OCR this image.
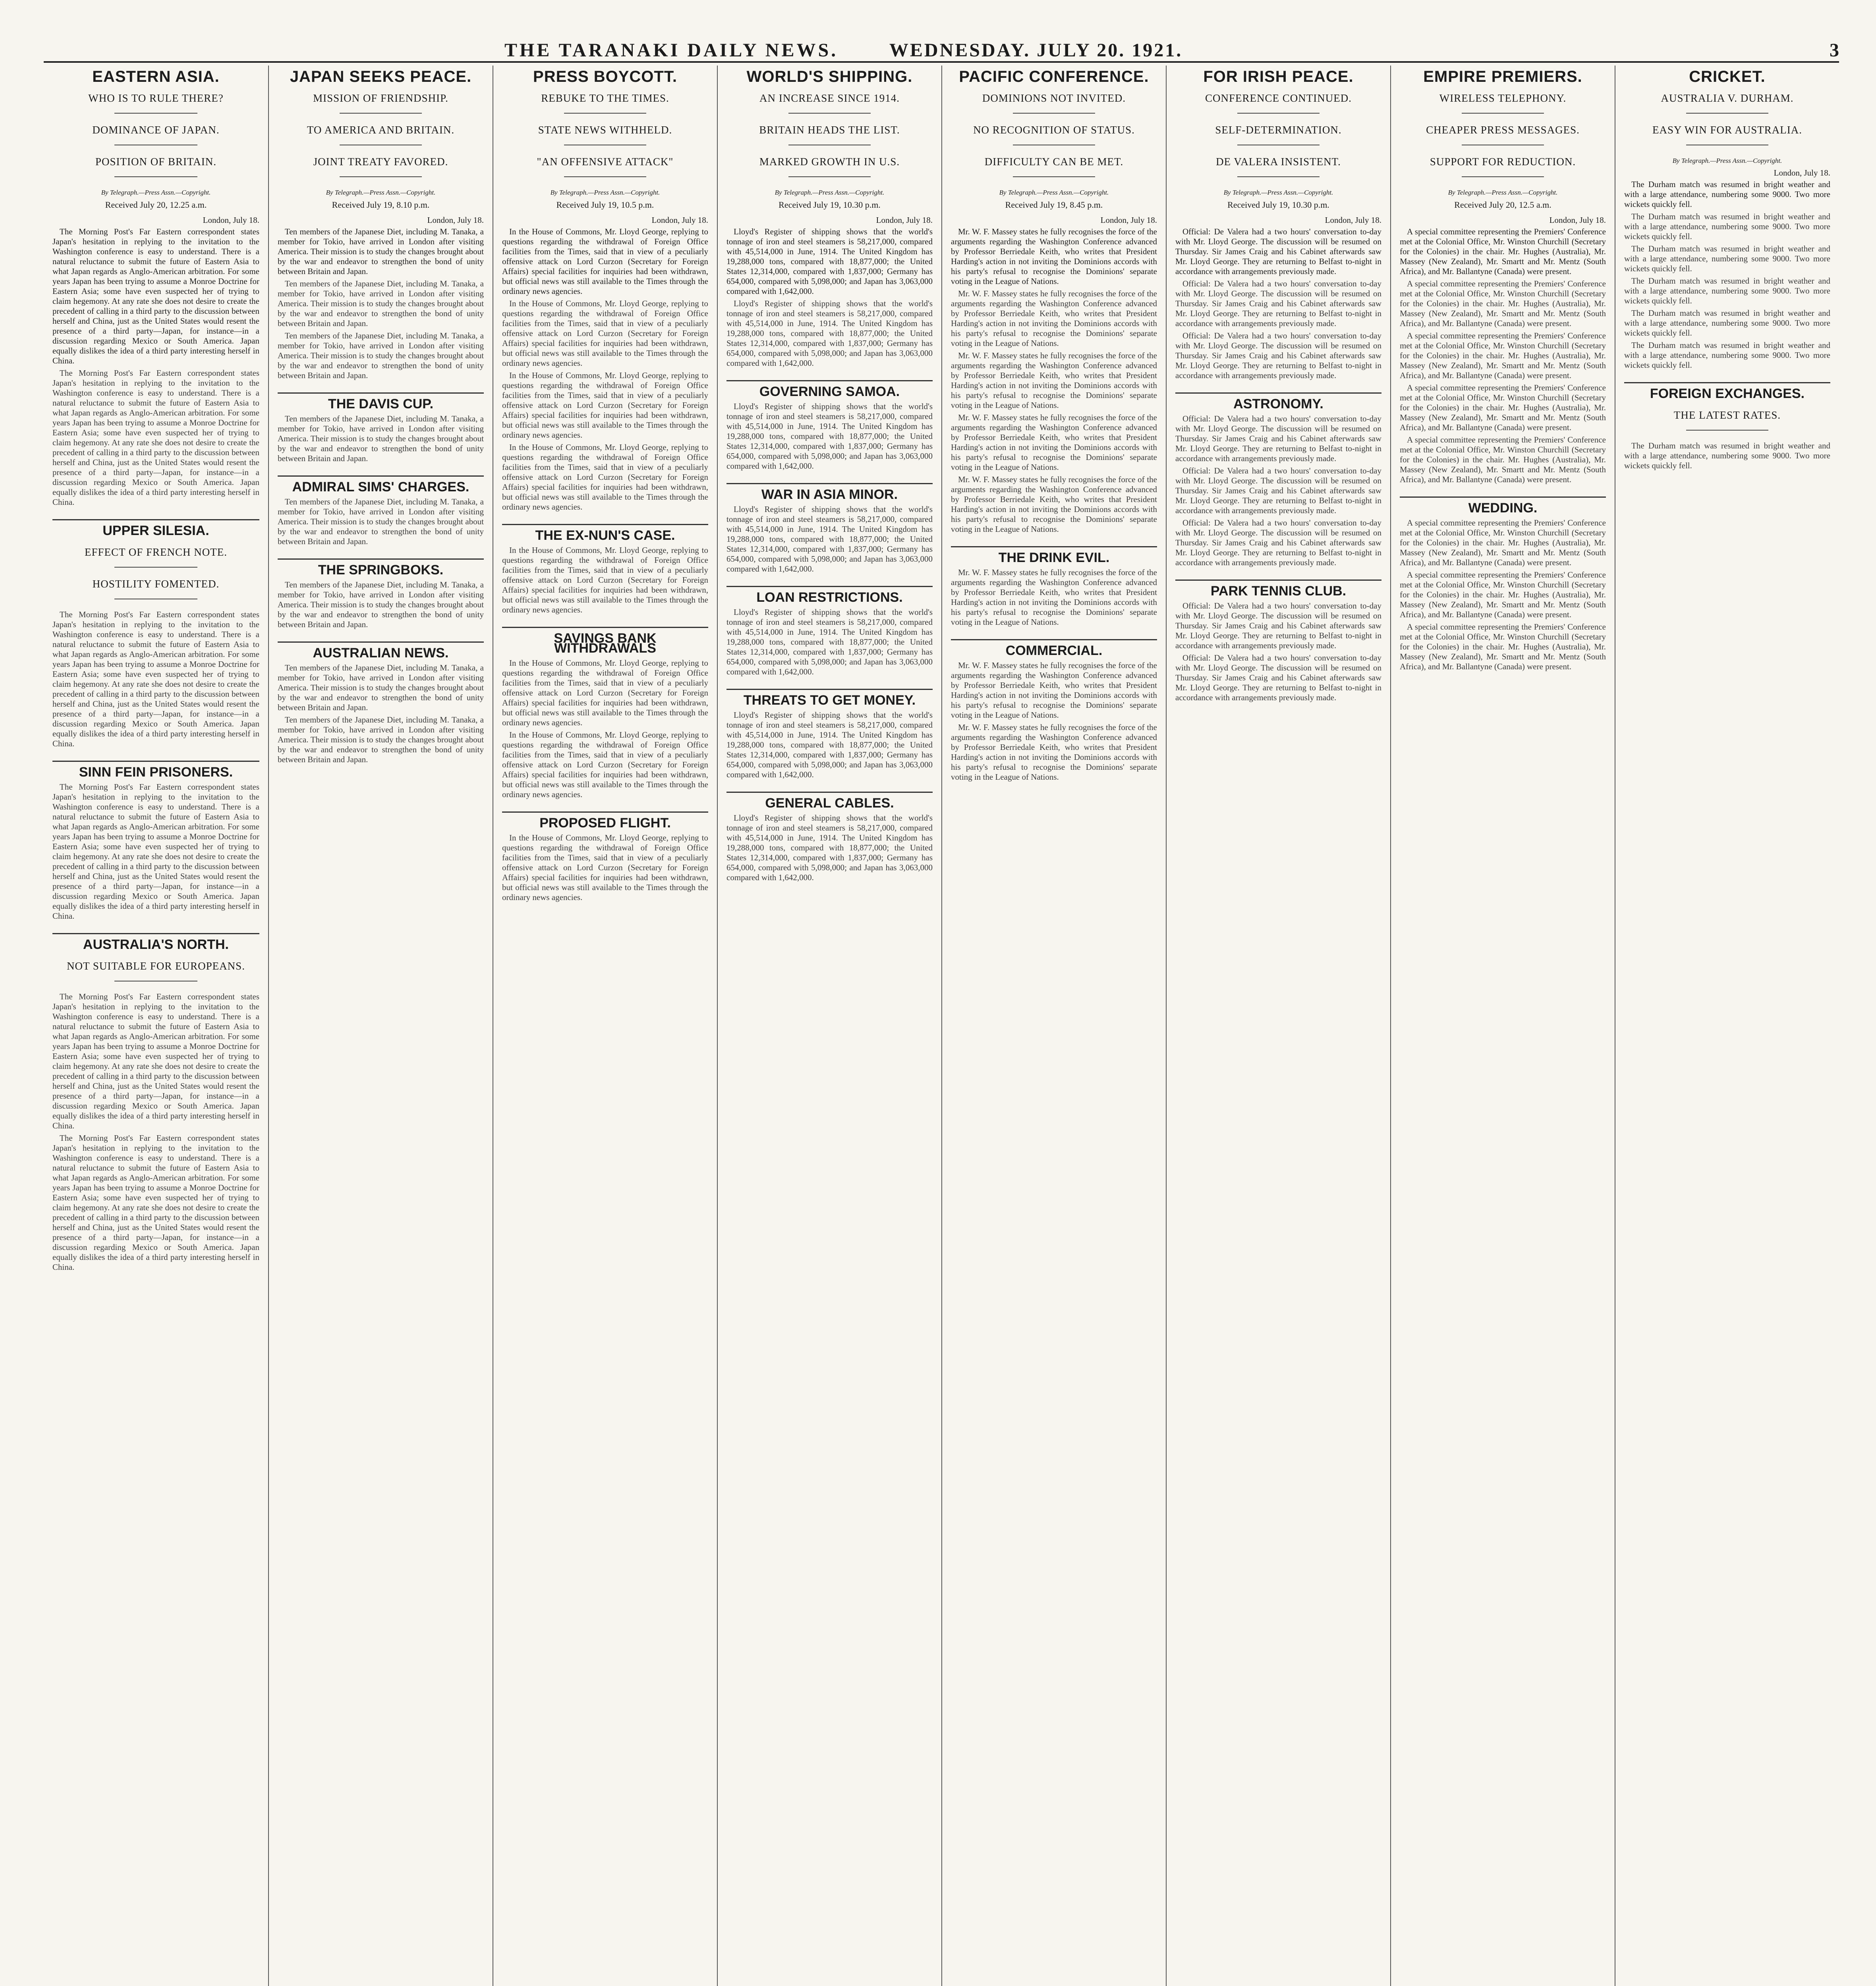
THE TARANAKI DAILY NEWS.	WEDNESDAY. JULY 20. 1921.	3
EASTERN ASIA.
WHO IS TO RULE THERE?
DOMINANCE OF JAPAN.
POSITION OF BRITAIN.
By Telegraph.—Press Assn.—Copyright.
Received July 20, 12.25 a.m.
London, July 18.

The Morning Post's Far Eastern correspondent states Japan's hesitation in replying to the invitation to the Washington conference is easy to understand. There is a natural reluctance to submit the future of Eastern Asia to what Japan regards as Anglo-American arbitration. For some years Japan has been trying to assume a Monroe Doctrine for Eastern Asia; some have even suspected her of trying to claim hegemony. At any rate she does not desire to create the precedent of calling in a third party to the discussion between herself and China, just as the United States would resent the presence of a third party—Japan, for instance—in a discussion regarding Mexico or South America. Japan equally dislikes the idea of a third party interesting herself in China.

The Morning Post's Far Eastern correspondent states Japan's hesitation in replying to the invitation to the Washington conference is easy to understand. There is a natural reluctance to submit the future of Eastern Asia to what Japan regards as Anglo-American arbitration. For some years Japan has been trying to assume a Monroe Doctrine for Eastern Asia; some have even suspected her of trying to claim hegemony. At any rate she does not desire to create the precedent of calling in a third party to the discussion between herself and China, just as the United States would resent the presence of a third party—Japan, for instance—in a discussion regarding Mexico or South America. Japan equally dislikes the idea of a third party interesting herself in China.

UPPER SILESIA.
EFFECT OF FRENCH NOTE.
HOSTILITY FOMENTED.

The Morning Post's Far Eastern correspondent states Japan's hesitation in replying to the invitation to the Washington conference is easy to understand. There is a natural reluctance to submit the future of Eastern Asia to what Japan regards as Anglo-American arbitration. For some years Japan has been trying to assume a Monroe Doctrine for Eastern Asia; some have even suspected her of trying to claim hegemony. At any rate she does not desire to create the precedent of calling in a third party to the discussion between herself and China, just as the United States would resent the presence of a third party—Japan, for instance—in a discussion regarding Mexico or South America. Japan equally dislikes the idea of a third party interesting herself in China.

SINN FEIN PRISONERS.

The Morning Post's Far Eastern correspondent states Japan's hesitation in replying to the invitation to the Washington conference is easy to understand. There is a natural reluctance to submit the future of Eastern Asia to what Japan regards as Anglo-American arbitration. For some years Japan has been trying to assume a Monroe Doctrine for Eastern Asia; some have even suspected her of trying to claim hegemony. At any rate she does not desire to create the precedent of calling in a third party to the discussion between herself and China, just as the United States would resent the presence of a third party—Japan, for instance—in a discussion regarding Mexico or South America. Japan equally dislikes the idea of a third party interesting herself in China.

AUSTRALIA'S NORTH.
NOT SUITABLE FOR EUROPEANS.

The Morning Post's Far Eastern correspondent states Japan's hesitation in replying to the invitation to the Washington conference is easy to understand. There is a natural reluctance to submit the future of Eastern Asia to what Japan regards as Anglo-American arbitration. For some years Japan has been trying to assume a Monroe Doctrine for Eastern Asia; some have even suspected her of trying to claim hegemony. At any rate she does not desire to create the precedent of calling in a third party to the discussion between herself and China, just as the United States would resent the presence of a third party—Japan, for instance—in a discussion regarding Mexico or South America. Japan equally dislikes the idea of a third party interesting herself in China.

The Morning Post's Far Eastern correspondent states Japan's hesitation in replying to the invitation to the Washington conference is easy to understand. There is a natural reluctance to submit the future of Eastern Asia to what Japan regards as Anglo-American arbitration. For some years Japan has been trying to assume a Monroe Doctrine for Eastern Asia; some have even suspected her of trying to claim hegemony. At any rate she does not desire to create the precedent of calling in a third party to the discussion between herself and China, just as the United States would resent the presence of a third party—Japan, for instance—in a discussion regarding Mexico or South America. Japan equally dislikes the idea of a third party interesting herself in China.

JAPAN SEEKS PEACE.
MISSION OF FRIENDSHIP.
TO AMERICA AND BRITAIN.
JOINT TREATY FAVORED.
By Telegraph.—Press Assn.—Copyright.
Received July 19, 8.10 p.m.
London, July 18.

Ten members of the Japanese Diet, including M. Tanaka, a member for Tokio, have arrived in London after visiting America. Their mission is to study the changes brought about by the war and endeavor to strengthen the bond of unity between Britain and Japan.

Ten members of the Japanese Diet, including M. Tanaka, a member for Tokio, have arrived in London after visiting America. Their mission is to study the changes brought about by the war and endeavor to strengthen the bond of unity between Britain and Japan.

Ten members of the Japanese Diet, including M. Tanaka, a member for Tokio, have arrived in London after visiting America. Their mission is to study the changes brought about by the war and endeavor to strengthen the bond of unity between Britain and Japan.

THE DAVIS CUP.

Ten members of the Japanese Diet, including M. Tanaka, a member for Tokio, have arrived in London after visiting America. Their mission is to study the changes brought about by the war and endeavor to strengthen the bond of unity between Britain and Japan.

ADMIRAL SIMS' CHARGES.

Ten members of the Japanese Diet, including M. Tanaka, a member for Tokio, have arrived in London after visiting America. Their mission is to study the changes brought about by the war and endeavor to strengthen the bond of unity between Britain and Japan.

THE SPRINGBOKS.

Ten members of the Japanese Diet, including M. Tanaka, a member for Tokio, have arrived in London after visiting America. Their mission is to study the changes brought about by the war and endeavor to strengthen the bond of unity between Britain and Japan.

AUSTRALIAN NEWS.

Ten members of the Japanese Diet, including M. Tanaka, a member for Tokio, have arrived in London after visiting America. Their mission is to study the changes brought about by the war and endeavor to strengthen the bond of unity between Britain and Japan.

Ten members of the Japanese Diet, including M. Tanaka, a member for Tokio, have arrived in London after visiting America. Their mission is to study the changes brought about by the war and endeavor to strengthen the bond of unity between Britain and Japan.

PRESS BOYCOTT.
REBUKE TO THE TIMES.
STATE NEWS WITHHELD.
"AN OFFENSIVE ATTACK"
By Telegraph.—Press Assn.—Copyright.
Received July 19, 10.5 p.m.
London, July 18.

In the House of Commons, Mr. Lloyd George, replying to questions regarding the withdrawal of Foreign Office facilities from the Times, said that in view of a peculiarly offensive attack on Lord Curzon (Secretary for Foreign Affairs) special facilities for inquiries had been withdrawn, but official news was still available to the Times through the ordinary news agencies.

In the House of Commons, Mr. Lloyd George, replying to questions regarding the withdrawal of Foreign Office facilities from the Times, said that in view of a peculiarly offensive attack on Lord Curzon (Secretary for Foreign Affairs) special facilities for inquiries had been withdrawn, but official news was still available to the Times through the ordinary news agencies.

In the House of Commons, Mr. Lloyd George, replying to questions regarding the withdrawal of Foreign Office facilities from the Times, said that in view of a peculiarly offensive attack on Lord Curzon (Secretary for Foreign Affairs) special facilities for inquiries had been withdrawn, but official news was still available to the Times through the ordinary news agencies.

In the House of Commons, Mr. Lloyd George, replying to questions regarding the withdrawal of Foreign Office facilities from the Times, said that in view of a peculiarly offensive attack on Lord Curzon (Secretary for Foreign Affairs) special facilities for inquiries had been withdrawn, but official news was still available to the Times through the ordinary news agencies.

THE EX-NUN'S CASE.

In the House of Commons, Mr. Lloyd George, replying to questions regarding the withdrawal of Foreign Office facilities from the Times, said that in view of a peculiarly offensive attack on Lord Curzon (Secretary for Foreign Affairs) special facilities for inquiries had been withdrawn, but official news was still available to the Times through the ordinary news agencies.

SAVINGS BANK WITHDRAWALS

In the House of Commons, Mr. Lloyd George, replying to questions regarding the withdrawal of Foreign Office facilities from the Times, said that in view of a peculiarly offensive attack on Lord Curzon (Secretary for Foreign Affairs) special facilities for inquiries had been withdrawn, but official news was still available to the Times through the ordinary news agencies.

In the House of Commons, Mr. Lloyd George, replying to questions regarding the withdrawal of Foreign Office facilities from the Times, said that in view of a peculiarly offensive attack on Lord Curzon (Secretary for Foreign Affairs) special facilities for inquiries had been withdrawn, but official news was still available to the Times through the ordinary news agencies.

PROPOSED FLIGHT.

In the House of Commons, Mr. Lloyd George, replying to questions regarding the withdrawal of Foreign Office facilities from the Times, said that in view of a peculiarly offensive attack on Lord Curzon (Secretary for Foreign Affairs) special facilities for inquiries had been withdrawn, but official news was still available to the Times through the ordinary news agencies.

WORLD'S SHIPPING.
AN INCREASE SINCE 1914.
BRITAIN HEADS THE LIST.
MARKED GROWTH IN U.S.
By Telegraph.—Press Assn.—Copyright.
Received July 19, 10.30 p.m.
London, July 18.

Lloyd's Register of shipping shows that the world's tonnage of iron and steel steamers is 58,217,000, compared with 45,514,000 in June, 1914. The United Kingdom has 19,288,000 tons, compared with 18,877,000; the United States 12,314,000, compared with 1,837,000; Germany has 654,000, compared with 5,098,000; and Japan has 3,063,000 compared with 1,642,000.

Lloyd's Register of shipping shows that the world's tonnage of iron and steel steamers is 58,217,000, compared with 45,514,000 in June, 1914. The United Kingdom has 19,288,000 tons, compared with 18,877,000; the United States 12,314,000, compared with 1,837,000; Germany has 654,000, compared with 5,098,000; and Japan has 3,063,000 compared with 1,642,000.

GOVERNING SAMOA.

Lloyd's Register of shipping shows that the world's tonnage of iron and steel steamers is 58,217,000, compared with 45,514,000 in June, 1914. The United Kingdom has 19,288,000 tons, compared with 18,877,000; the United States 12,314,000, compared with 1,837,000; Germany has 654,000, compared with 5,098,000; and Japan has 3,063,000 compared with 1,642,000.

WAR IN ASIA MINOR.

Lloyd's Register of shipping shows that the world's tonnage of iron and steel steamers is 58,217,000, compared with 45,514,000 in June, 1914. The United Kingdom has 19,288,000 tons, compared with 18,877,000; the United States 12,314,000, compared with 1,837,000; Germany has 654,000, compared with 5,098,000; and Japan has 3,063,000 compared with 1,642,000.

LOAN RESTRICTIONS.

Lloyd's Register of shipping shows that the world's tonnage of iron and steel steamers is 58,217,000, compared with 45,514,000 in June, 1914. The United Kingdom has 19,288,000 tons, compared with 18,877,000; the United States 12,314,000, compared with 1,837,000; Germany has 654,000, compared with 5,098,000; and Japan has 3,063,000 compared with 1,642,000.

THREATS TO GET MONEY.

Lloyd's Register of shipping shows that the world's tonnage of iron and steel steamers is 58,217,000, compared with 45,514,000 in June, 1914. The United Kingdom has 19,288,000 tons, compared with 18,877,000; the United States 12,314,000, compared with 1,837,000; Germany has 654,000, compared with 5,098,000; and Japan has 3,063,000 compared with 1,642,000.

GENERAL CABLES.

Lloyd's Register of shipping shows that the world's tonnage of iron and steel steamers is 58,217,000, compared with 45,514,000 in June, 1914. The United Kingdom has 19,288,000 tons, compared with 18,877,000; the United States 12,314,000, compared with 1,837,000; Germany has 654,000, compared with 5,098,000; and Japan has 3,063,000 compared with 1,642,000.

PACIFIC CONFERENCE.
DOMINIONS NOT INVITED.
NO RECOGNITION OF STATUS.
DIFFICULTY CAN BE MET.
By Telegraph.—Press Assn.—Copyright.
Received July 19, 8.45 p.m.
London, July 18.

Mr. W. F. Massey states he fully recognises the force of the arguments regarding the Washington Conference advanced by Professor Berriedale Keith, who writes that President Harding's action in not inviting the Dominions accords with his party's refusal to recognise the Dominions' separate voting in the League of Nations.

Mr. W. F. Massey states he fully recognises the force of the arguments regarding the Washington Conference advanced by Professor Berriedale Keith, who writes that President Harding's action in not inviting the Dominions accords with his party's refusal to recognise the Dominions' separate voting in the League of Nations.

Mr. W. F. Massey states he fully recognises the force of the arguments regarding the Washington Conference advanced by Professor Berriedale Keith, who writes that President Harding's action in not inviting the Dominions accords with his party's refusal to recognise the Dominions' separate voting in the League of Nations.

Mr. W. F. Massey states he fully recognises the force of the arguments regarding the Washington Conference advanced by Professor Berriedale Keith, who writes that President Harding's action in not inviting the Dominions accords with his party's refusal to recognise the Dominions' separate voting in the League of Nations.

Mr. W. F. Massey states he fully recognises the force of the arguments regarding the Washington Conference advanced by Professor Berriedale Keith, who writes that President Harding's action in not inviting the Dominions accords with his party's refusal to recognise the Dominions' separate voting in the League of Nations.

THE DRINK EVIL.

Mr. W. F. Massey states he fully recognises the force of the arguments regarding the Washington Conference advanced by Professor Berriedale Keith, who writes that President Harding's action in not inviting the Dominions accords with his party's refusal to recognise the Dominions' separate voting in the League of Nations.

COMMERCIAL.

Mr. W. F. Massey states he fully recognises the force of the arguments regarding the Washington Conference advanced by Professor Berriedale Keith, who writes that President Harding's action in not inviting the Dominions accords with his party's refusal to recognise the Dominions' separate voting in the League of Nations.

Mr. W. F. Massey states he fully recognises the force of the arguments regarding the Washington Conference advanced by Professor Berriedale Keith, who writes that President Harding's action in not inviting the Dominions accords with his party's refusal to recognise the Dominions' separate voting in the League of Nations.

FOR IRISH PEACE.
CONFERENCE CONTINUED.
SELF-DETERMINATION.
DE VALERA INSISTENT.
By Telegraph.—Press Assn.—Copyright.
Received July 19, 10.30 p.m.
London, July 18.

Official: De Valera had a two hours' conversation to-day with Mr. Lloyd George. The discussion will be resumed on Thursday. Sir James Craig and his Cabinet afterwards saw Mr. Lloyd George. They are returning to Belfast to-night in accordance with arrangements previously made.

Official: De Valera had a two hours' conversation to-day with Mr. Lloyd George. The discussion will be resumed on Thursday. Sir James Craig and his Cabinet afterwards saw Mr. Lloyd George. They are returning to Belfast to-night in accordance with arrangements previously made.

Official: De Valera had a two hours' conversation to-day with Mr. Lloyd George. The discussion will be resumed on Thursday. Sir James Craig and his Cabinet afterwards saw Mr. Lloyd George. They are returning to Belfast to-night in accordance with arrangements previously made.

ASTRONOMY.

Official: De Valera had a two hours' conversation to-day with Mr. Lloyd George. The discussion will be resumed on Thursday. Sir James Craig and his Cabinet afterwards saw Mr. Lloyd George. They are returning to Belfast to-night in accordance with arrangements previously made.

Official: De Valera had a two hours' conversation to-day with Mr. Lloyd George. The discussion will be resumed on Thursday. Sir James Craig and his Cabinet afterwards saw Mr. Lloyd George. They are returning to Belfast to-night in accordance with arrangements previously made.

Official: De Valera had a two hours' conversation to-day with Mr. Lloyd George. The discussion will be resumed on Thursday. Sir James Craig and his Cabinet afterwards saw Mr. Lloyd George. They are returning to Belfast to-night in accordance with arrangements previously made.

PARK TENNIS CLUB.

Official: De Valera had a two hours' conversation to-day with Mr. Lloyd George. The discussion will be resumed on Thursday. Sir James Craig and his Cabinet afterwards saw Mr. Lloyd George. They are returning to Belfast to-night in accordance with arrangements previously made.

Official: De Valera had a two hours' conversation to-day with Mr. Lloyd George. The discussion will be resumed on Thursday. Sir James Craig and his Cabinet afterwards saw Mr. Lloyd George. They are returning to Belfast to-night in accordance with arrangements previously made.

EMPIRE PREMIERS.
WIRELESS TELEPHONY.
CHEAPER PRESS MESSAGES.
SUPPORT FOR REDUCTION.
By Telegraph.—Press Assn.—Copyright.
Received July 20, 12.5 a.m.
London, July 18.

A special committee representing the Premiers' Conference met at the Colonial Office, Mr. Winston Churchill (Secretary for the Colonies) in the chair. Mr. Hughes (Australia), Mr. Massey (New Zealand), Mr. Smartt and Mr. Mentz (South Africa), and Mr. Ballantyne (Canada) were present.

A special committee representing the Premiers' Conference met at the Colonial Office, Mr. Winston Churchill (Secretary for the Colonies) in the chair. Mr. Hughes (Australia), Mr. Massey (New Zealand), Mr. Smartt and Mr. Mentz (South Africa), and Mr. Ballantyne (Canada) were present.

A special committee representing the Premiers' Conference met at the Colonial Office, Mr. Winston Churchill (Secretary for the Colonies) in the chair. Mr. Hughes (Australia), Mr. Massey (New Zealand), Mr. Smartt and Mr. Mentz (South Africa), and Mr. Ballantyne (Canada) were present.

A special committee representing the Premiers' Conference met at the Colonial Office, Mr. Winston Churchill (Secretary for the Colonies) in the chair. Mr. Hughes (Australia), Mr. Massey (New Zealand), Mr. Smartt and Mr. Mentz (South Africa), and Mr. Ballantyne (Canada) were present.

A special committee representing the Premiers' Conference met at the Colonial Office, Mr. Winston Churchill (Secretary for the Colonies) in the chair. Mr. Hughes (Australia), Mr. Massey (New Zealand), Mr. Smartt and Mr. Mentz (South Africa), and Mr. Ballantyne (Canada) were present.

WEDDING.

A special committee representing the Premiers' Conference met at the Colonial Office, Mr. Winston Churchill (Secretary for the Colonies) in the chair. Mr. Hughes (Australia), Mr. Massey (New Zealand), Mr. Smartt and Mr. Mentz (South Africa), and Mr. Ballantyne (Canada) were present.

A special committee representing the Premiers' Conference met at the Colonial Office, Mr. Winston Churchill (Secretary for the Colonies) in the chair. Mr. Hughes (Australia), Mr. Massey (New Zealand), Mr. Smartt and Mr. Mentz (South Africa), and Mr. Ballantyne (Canada) were present.

A special committee representing the Premiers' Conference met at the Colonial Office, Mr. Winston Churchill (Secretary for the Colonies) in the chair. Mr. Hughes (Australia), Mr. Massey (New Zealand), Mr. Smartt and Mr. Mentz (South Africa), and Mr. Ballantyne (Canada) were present.

CRICKET.
AUSTRALIA V. DURHAM.
EASY WIN FOR AUSTRALIA.
By Telegraph.—Press Assn.—Copyright.
London, July 18.

The Durham match was resumed in bright weather and with a large attendance, numbering some 9000. Two more wickets quickly fell.

The Durham match was resumed in bright weather and with a large attendance, numbering some 9000. Two more wickets quickly fell.

The Durham match was resumed in bright weather and with a large attendance, numbering some 9000. Two more wickets quickly fell.

The Durham match was resumed in bright weather and with a large attendance, numbering some 9000. Two more wickets quickly fell.

The Durham match was resumed in bright weather and with a large attendance, numbering some 9000. Two more wickets quickly fell.

The Durham match was resumed in bright weather and with a large attendance, numbering some 9000. Two more wickets quickly fell.

FOREIGN EXCHANGES.
THE LATEST RATES.

The Durham match was resumed in bright weather and with a large attendance, numbering some 9000. Two more wickets quickly fell.
